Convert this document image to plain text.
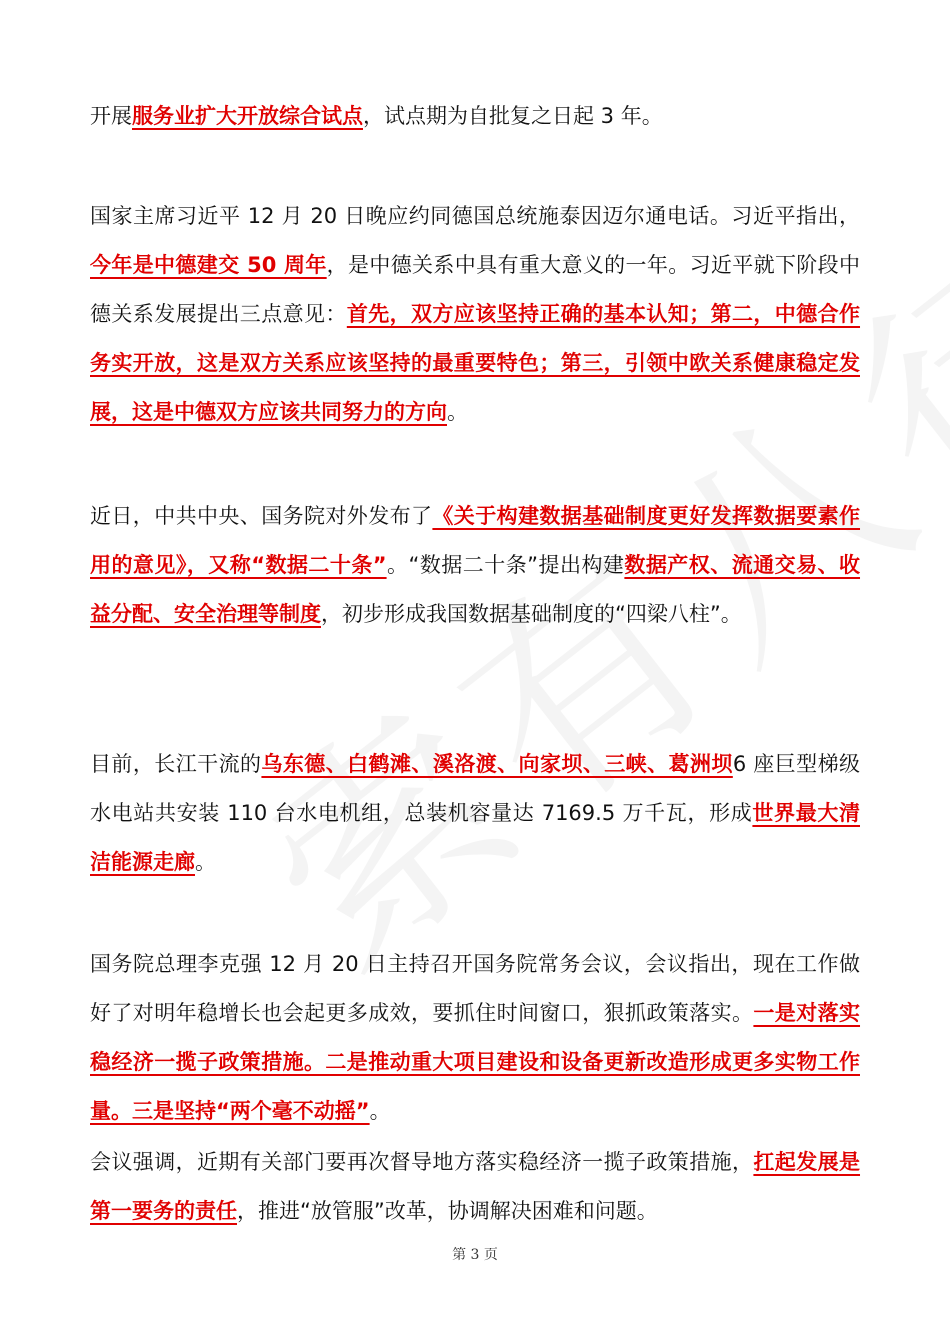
开展服务业扩大开放综合试点，试点期为自批复之日起 3 年。

国家主席习近平 12 月 20 日晚应约同德国总统施泰因迈尔通电话。习近平指出，今年是中德建交 50 周年，是中德关系中具有重大意义的一年。习近平就下阶段中德关系发展提出三点意见：首先，双方应该坚持正确的基本认知；第二，中德合作务实开放，这是双方关系应该坚持的最重要特色；第三，引领中欧关系健康稳定发展，这是中德双方应该共同努力的方向。

近日，中共中央、国务院对外发布了《关于构建数据基础制度更好发挥数据要素作用的意见》，又称“数据二十条”。“数据二十条”提出构建数据产权、流通交易、收益分配、安全治理等制度，初步形成我国数据基础制度的“四梁八柱”。

目前，长江干流的乌东德、白鹤滩、溪洛渡、向家坝、三峡、葛洲坝6 座巨型梯级水电站共安装 110 台水电机组，总装机容量达 7169.5 万千瓦，形成世界最大清洁能源走廊。

国务院总理李克强 12 月 20 日主持召开国务院常务会议，会议指出，现在工作做好了对明年稳增长也会起更多成效，要抓住时间窗口，狠抓政策落实。一是对落实稳经济一揽子政策措施。二是推动重大项目建设和设备更新改造形成更多实物工作量。三是坚持“两个毫不动摇”。

会议强调，近期有关部门要再次督导地方落实稳经济一揽子政策措施，扛起发展是第一要务的责任，推进“放管服”改革，协调解决困难和问题。

第 3 页
